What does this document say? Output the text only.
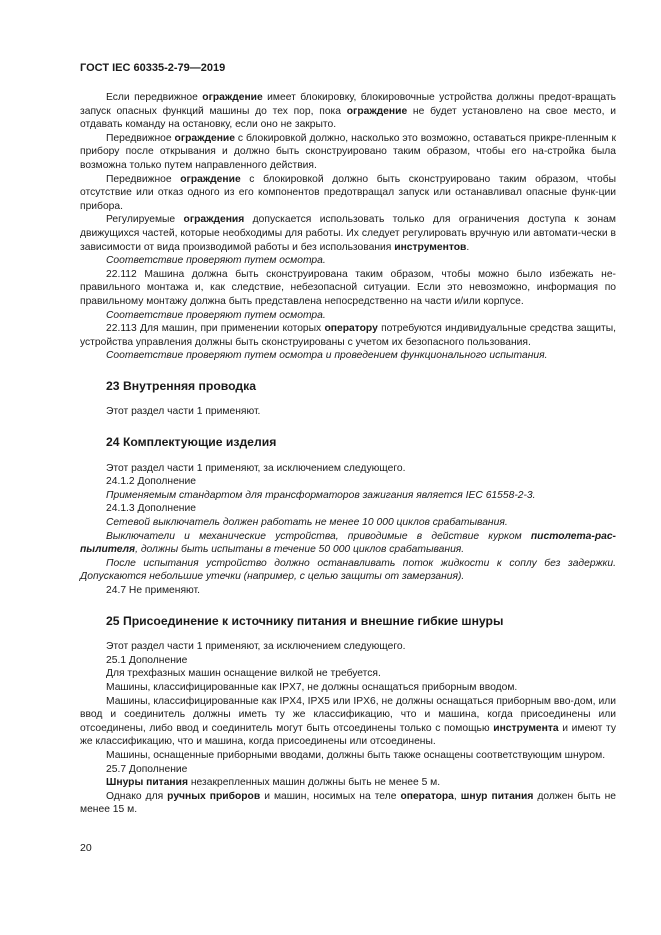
ГОСТ IEC 60335-2-79—2019

Если передвижное ограждение имеет блокировку, блокировочные устройства должны предот-вращать запуск опасных функций машины до тех пор, пока ограждение не будет установлено на свое место, и отдавать команду на остановку, если оно не закрыто.

Передвижное ограждение с блокировкой должно, насколько это возможно, оставаться прикре-пленным к прибору после открывания и должно быть сконструировано таким образом, чтобы его на-стройка была возможна только путем направленного действия.

Передвижное ограждение с блокировкой должно быть сконструировано таким образом, чтобы отсутствие или отказ одного из его компонентов предотвращал запуск или останавливал опасные функ-ции прибора.

Регулируемые ограждения допускается использовать только для ограничения доступа к зонам движущихся частей, которые необходимы для работы. Их следует регулировать вручную или автомати-чески в зависимости от вида производимой работы и без использования инструментов.

Соответствие проверяют путем осмотра.

22.112 Машина должна быть сконструирована таким образом, чтобы можно было избежать не-правильного монтажа и, как следствие, небезопасной ситуации. Если это невозможно, информация по правильному монтажу должна быть представлена непосредственно на части и/или корпусе.

Соответствие проверяют путем осмотра.

22.113 Для машин, при применении которых оператору потребуются индивидуальные средства защиты, устройства управления должны быть сконструированы с учетом их безопасного пользования.

Соответствие проверяют путем осмотра и проведением функционального испытания.

23 Внутренняя проводка

Этот раздел части 1 применяют.

24 Комплектующие изделия

Этот раздел части 1 применяют, за исключением следующего.

24.1.2 Дополнение

Применяемым стандартом для трансформаторов зажигания является IEC 61558-2-3.

24.1.3 Дополнение

Сетевой выключатель должен работать не менее 10 000 циклов срабатывания.

Выключатели и механические устройства, приводимые в действие курком пистолета-рас-пылителя, должны быть испытаны в течение 50 000 циклов срабатывания.

После испытания устройство должно останавливать поток жидкости к соплу без задержки. Допускаются небольшие утечки (например, с целью защиты от замерзания).

24.7 Не применяют.

25 Присоединение к источнику питания и внешние гибкие шнуры

Этот раздел части 1 применяют, за исключением следующего.

25.1 Дополнение

Для трехфазных машин оснащение вилкой не требуется.

Машины, классифицированные как IPX7, не должны оснащаться приборным вводом.

Машины, классифицированные как IPX4, IPX5 или IPX6, не должны оснащаться приборным вво-дом, или ввод и соединитель должны иметь ту же классификацию, что и машина, когда присоединены или отсоединены, либо ввод и соединитель могут быть отсоединены только с помощью инструмента и имеют ту же классификацию, что и машина, когда присоединены или отсоединены.

Машины, оснащенные приборными вводами, должны быть также оснащены соответствующим шнуром.

25.7 Дополнение

Шнуры питания незакрепленных машин должны быть не менее 5 м.

Однако для ручных приборов и машин, носимых на теле оператора, шнур питания должен быть не менее 15 м.

20
